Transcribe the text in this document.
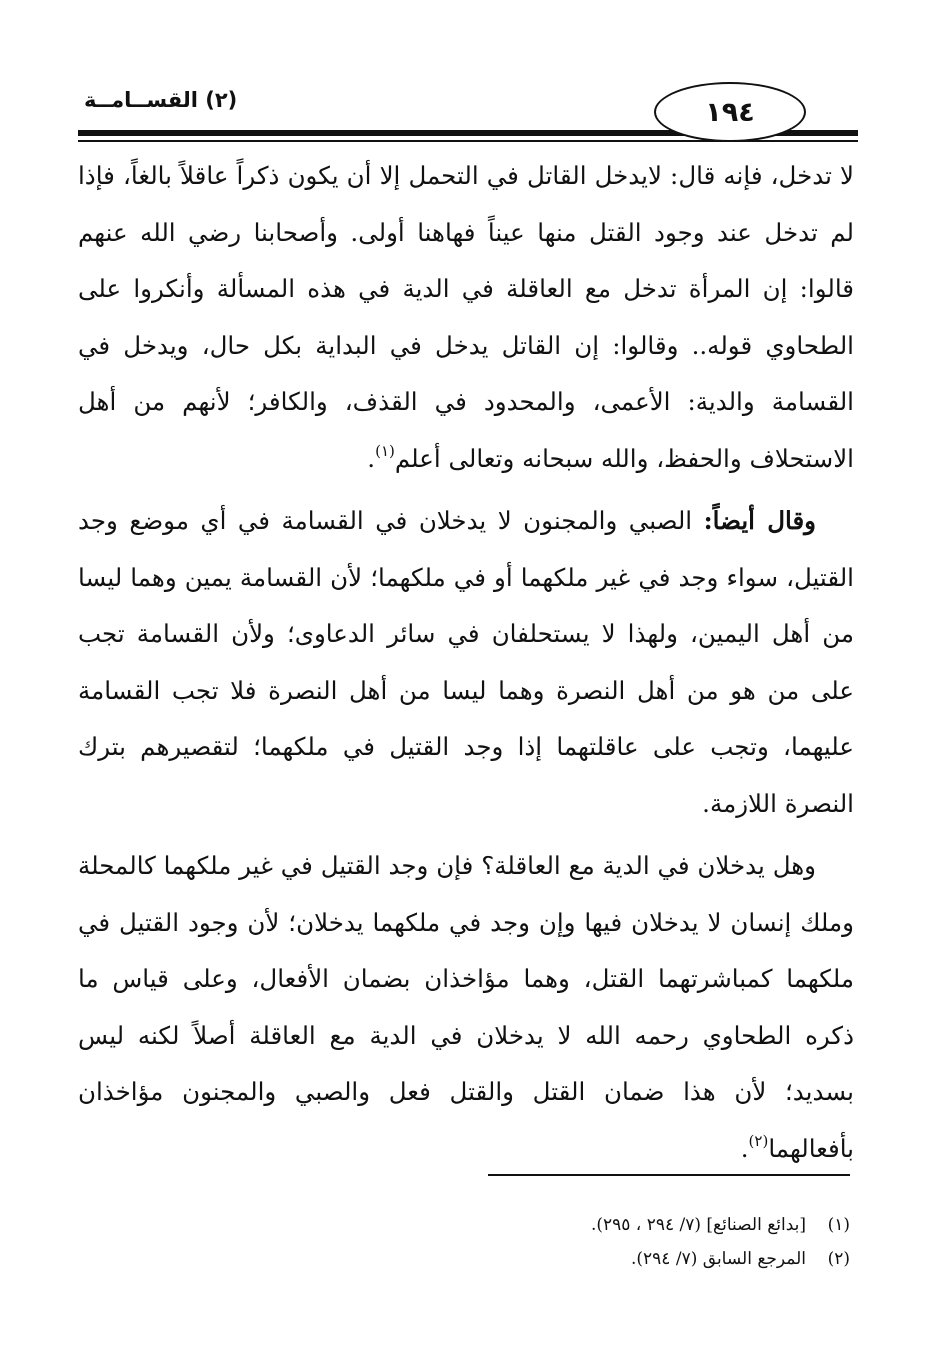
١٩٤
(٢) القســامــة

لا تدخل، فإنه قال: لايدخل القاتل في التحمل إلا أن يكون ذكراً عاقلاً بالغاً، فإذا لم تدخل عند وجود القتل منها عيناً فهاهنا أولى. وأصحابنا رضي الله عنهم قالوا: إن المرأة تدخل مع العاقلة في الدية في هذه المسألة وأنكروا على الطحاوي قوله.. وقالوا: إن القاتل يدخل في البداية بكل حال، ويدخل في القسامة والدية: الأعمى، والمحدود في القذف، والكافر؛ لأنهم من أهل الاستحلاف والحفظ، والله سبحانه وتعالى أعلم$^{(١)}$.

وقال أيضاً: الصبي والمجنون لا يدخلان في القسامة في أي موضع وجد القتيل، سواء وجد في غير ملكهما أو في ملكهما؛ لأن القسامة يمين وهما ليسا من أهل اليمين، ولهذا لا يستحلفان في سائر الدعاوى؛ ولأن القسامة تجب على من هو من أهل النصرة وهما ليسا من أهل النصرة فلا تجب القسامة عليهما، وتجب على عاقلتهما إذا وجد القتيل في ملكهما؛ لتقصيرهم بترك النصرة اللازمة.

وهل يدخلان في الدية مع العاقلة؟ فإن وجد القتيل في غير ملكهما كالمحلة وملك إنسان لا يدخلان فيها وإن وجد في ملكهما يدخلان؛ لأن وجود القتيل في ملكهما كمباشرتهما القتل، وهما مؤاخذان بضمان الأفعال، وعلى قياس ما ذكره الطحاوي رحمه الله لا يدخلان في الدية مع العاقلة أصلاً لكنه ليس بسديد؛ لأن هذا ضمان القتل والقتل فعل والصبي والمجنون مؤاخذان بأفعالهما$^{(٢)}$.

(١)[بدائع الصنائع] (٧/ ٢٩٤ ، ٢٩٥).
(٢)المرجع السابق (٧/ ٢٩٤).
